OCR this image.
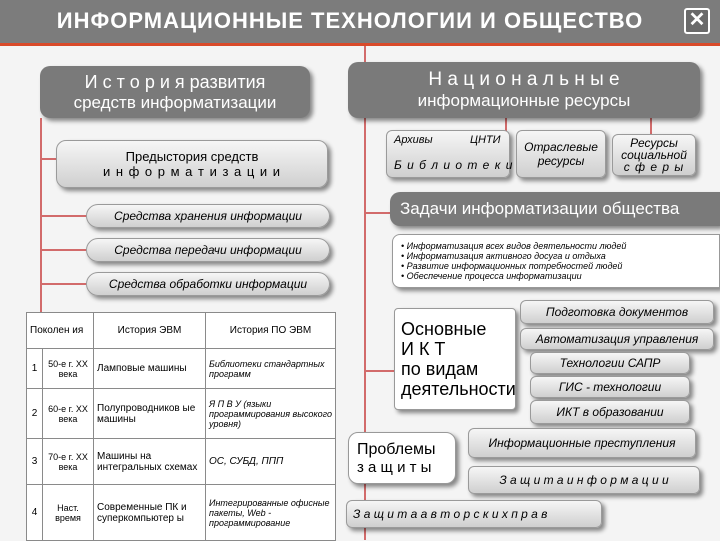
ИНФОРМАЦИОННЫЕ ТЕХНОЛОГИИ И ОБЩЕСТВО	✕
И с т о р и я развития
средств информатизации
Предыстория средств
и н ф о р м а т и з а ц и и
Средства хранения информации
Средства передачи информации
Средства обработки информации
Поколен ия		История ЭВМ	История ПО ЭВМ
1	50-е г. XX века	Ламповые машины	Библиотеки стандартных программ
2	60-е г. XX века	Полупроводников ые машины	Я П В У (языки программирования высокого уровня)
3	70-е г. XX века	Машины на интегральных схемах	ОС, СУБД, ППП
4	Наст. время	Современные ПК и суперкомпьютер ы	Интегрированные офисные пакеты, Web - программирование
Н а ц и о н а л ь н ы е
информационные ресурсы
Архивы	ЦНТИ
Б и б л и о т е к и
Отраслевые
ресурсы
Ресурсы
социальной
с ф е р ы
Задачи информатизации общества
• Информатизация всех видов деятельности людей
• Информатизация активного досуга и отдыха
• Развитие информационных потребностей людей
• Обеспечение процесса информатизации
Основные
И К Т
по видам
деятельности
Подготовка документов
Автоматизация управления
Технологии САПР
ГИС - технологии
ИКТ в образовании
Проблемы
з а щ и т ы
Информационные преступления
З а щ и т а и н ф о р м а ц и и
З а щ и т а а в т о р с к и х п р а в
